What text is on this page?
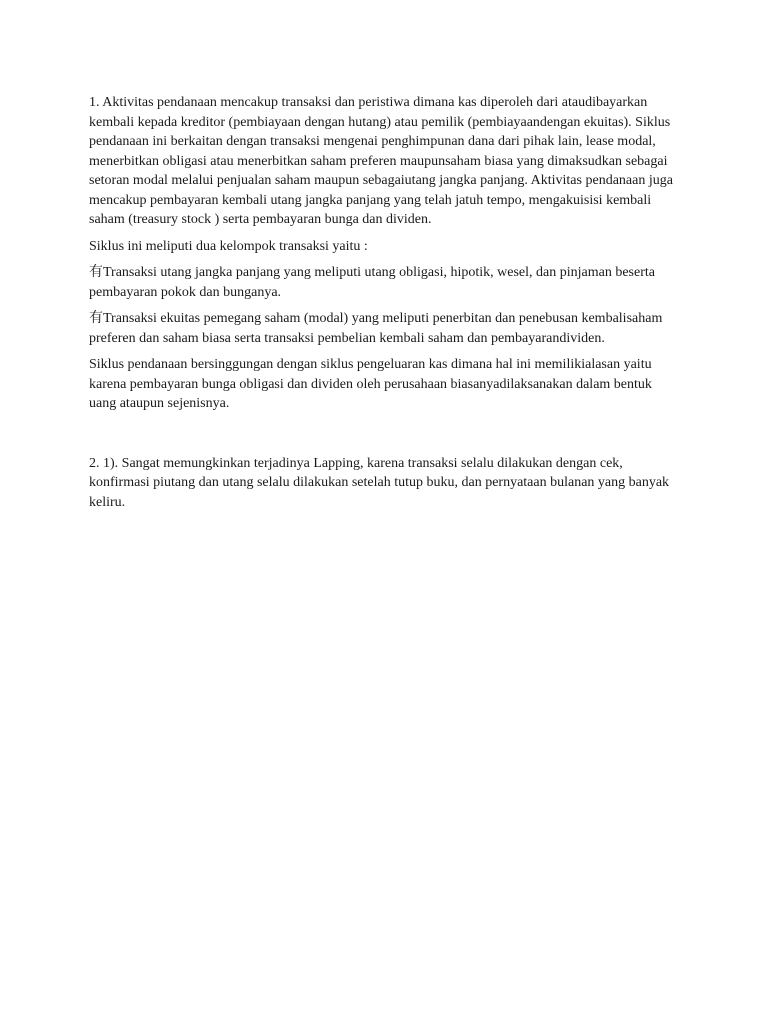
1. Aktivitas pendanaan mencakup transaksi dan peristiwa dimana kas diperoleh dari ataudibayarkan kembali kepada kreditor (pembiayaan dengan hutang) atau pemilik (pembiayaandengan ekuitas). Siklus pendanaan ini berkaitan dengan transaksi mengenai penghimpunan dana dari pihak lain, lease modal, menerbitkan obligasi atau menerbitkan saham preferen maupunsaham biasa yang dimaksudkan sebagai setoran modal melalui penjualan saham maupun sebagaiutang jangka panjang. Aktivitas pendanaan juga mencakup pembayaran kembali utang jangka panjang yang telah jatuh tempo, mengakuisisi kembali saham (treasury stock ) serta pembayaran bunga dan dividen.

Siklus ini meliputi dua kelompok transaksi yaitu :

有Transaksi utang jangka panjang yang meliputi utang obligasi, hipotik, wesel, dan pinjaman beserta pembayaran pokok dan bunganya.

有Transaksi ekuitas pemegang saham (modal) yang meliputi penerbitan dan penebusan kembalisaham preferen dan saham biasa serta transaksi pembelian kembali saham dan pembayarandividen.

Siklus pendanaan bersinggungan dengan siklus pengeluaran kas dimana hal ini memilikialasan yaitu karena pembayaran bunga obligasi dan dividen oleh perusahaan biasanyadilaksanakan dalam bentuk uang ataupun sejenisnya.

2. 1). Sangat memungkinkan terjadinya Lapping, karena transaksi selalu dilakukan dengan cek, konfirmasi piutang dan utang selalu dilakukan setelah tutup buku, dan pernyataan bulanan yang banyak keliru.
